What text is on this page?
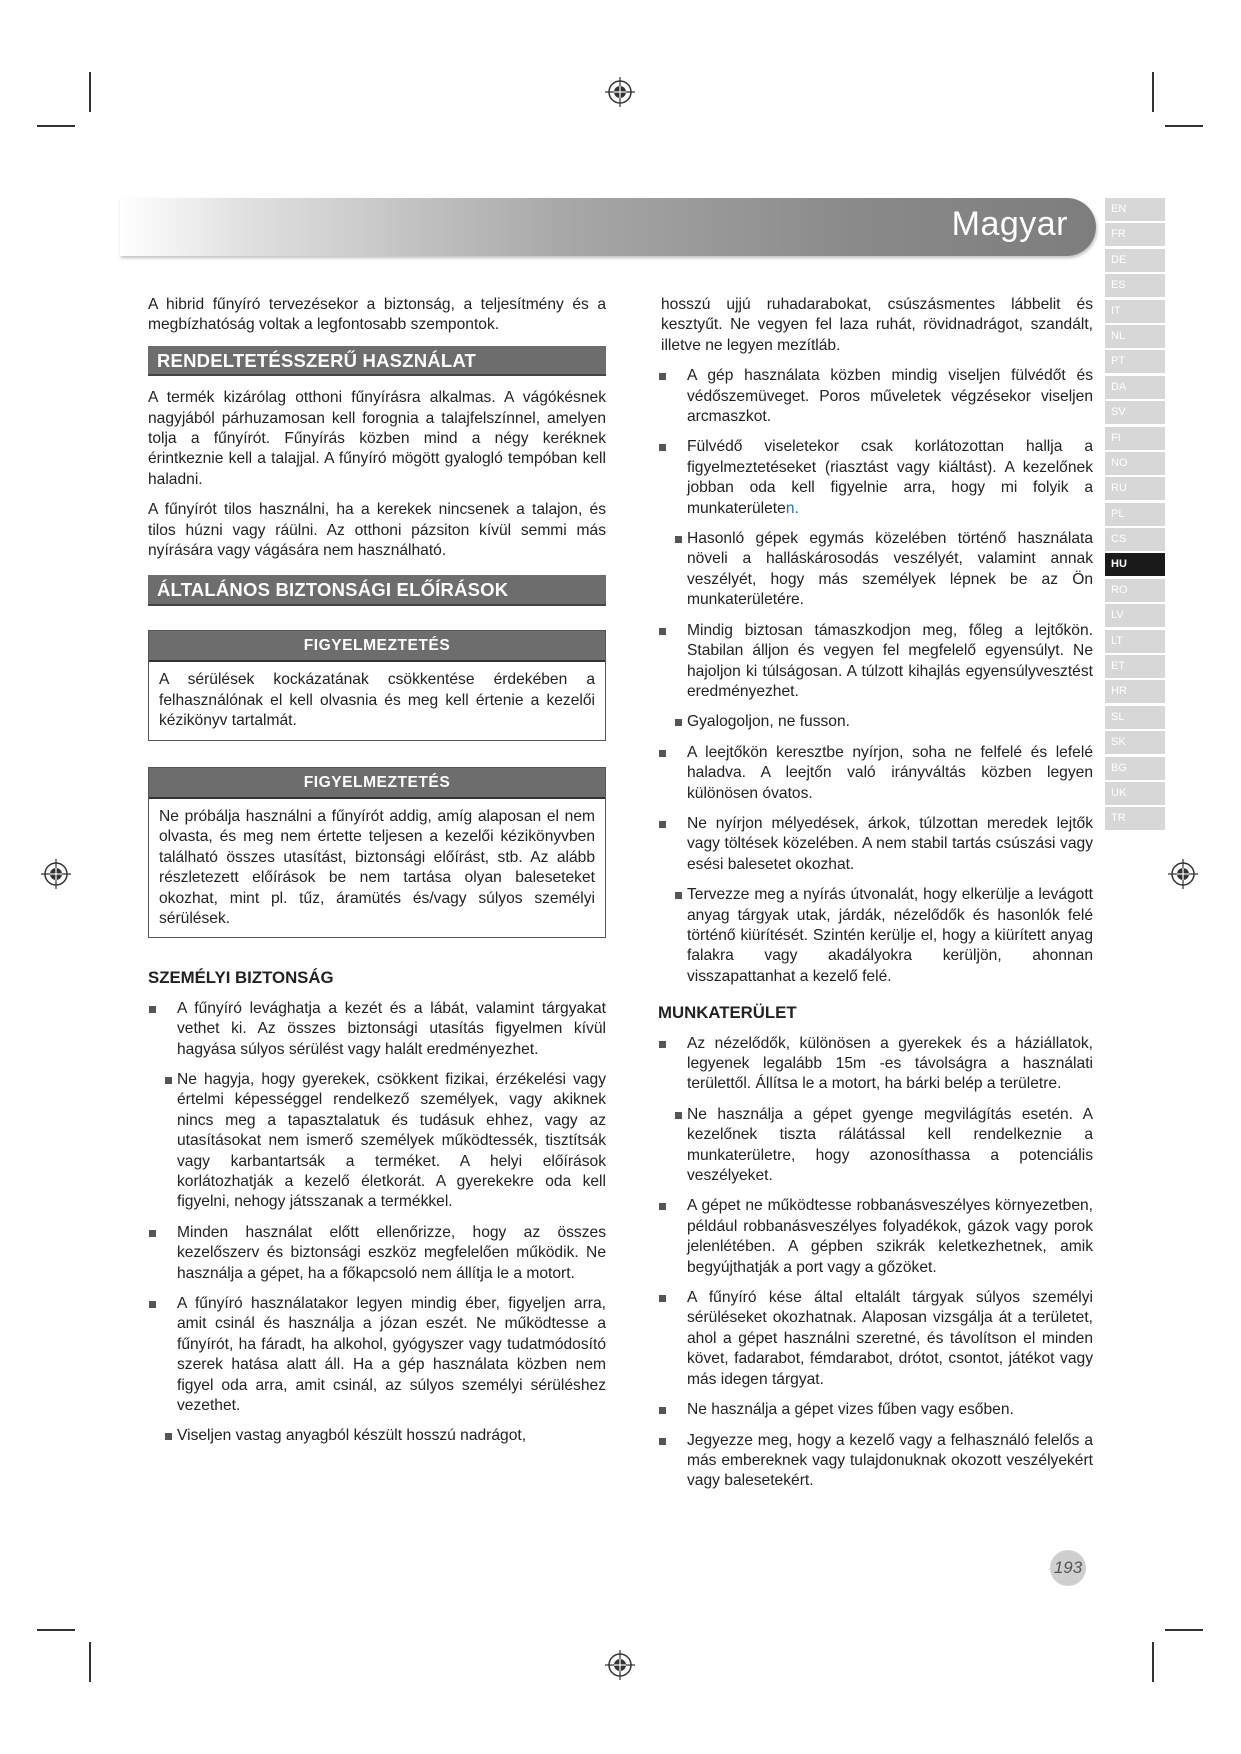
Magyar	EN
FR
DE
ES
IT
NL
PT
DA
SV
FI
NO
RU
PL
CS
HU
RO
LV
LT
ET
HR
SL
SK
BG
UK
TR

A hibrid fűnyíró tervezésekor a biztonság, a teljesítmény és a megbízhatóság voltak a legfontosabb szempontok.

RENDELTETÉSSZERŰ HASZNÁLAT

A termék kizárólag otthoni fűnyírásra alkalmas. A vágókésnek nagyjából párhuzamosan kell forognia a talajfelszínnel, amelyen tolja a fűnyírót. Fűnyírás közben mind a négy keréknek érintkeznie kell a talajjal. A fűnyíró mögött gyalogló tempóban kell haladni.

A fűnyírót tilos használni, ha a kerekek nincsenek a talajon, és tilos húzni vagy ráülni. Az otthoni pázsiton kívül semmi más nyírására vagy vágására nem használható.

ÁLTALÁNOS BIZTONSÁGI ELŐÍRÁSOK
FIGYELMEZTETÉS
A sérülések kockázatának csökkentése érdekében a felhasználónak el kell olvasnia és meg kell értenie a kezelői kézikönyv tartalmát.
FIGYELMEZTETÉS
Ne próbálja használni a fűnyírót addig, amíg alaposan el nem olvasta, és meg nem értette teljesen a kezelői kézikönyvben található összes utasítást, biztonsági előírást, stb. Az alább részletezett előírások be nem tartása olyan baleseteket okozhat, mint pl. tűz, áramütés és/vagy súlyos személyi sérülések.
SZEMÉLYI BIZTONSÁG
A fűnyíró levághatja a kezét és a lábát, valamint tárgyakat vethet ki. Az összes biztonsági utasítás figyelmen kívül hagyása súlyos sérülést vagy halált eredményezhet.
Ne hagyja, hogy gyerekek, csökkent fizikai, érzékelési vagy értelmi képességgel rendelkező személyek, vagy akiknek nincs meg a tapasztalatuk és tudásuk ehhez, vagy az utasításokat nem ismerő személyek működtessék, tisztítsák vagy karbantartsák a terméket. A helyi előírások korlátozhatják a kezelő életkorát. A gyerekekre oda kell figyelni, nehogy játsszanak a termékkel.
Minden használat előtt ellenőrizze, hogy az összes kezelőszerv és biztonsági eszköz megfelelően működik. Ne használja a gépet, ha a főkapcsoló nem állítja le a motort.
A fűnyíró használatakor legyen mindig éber, figyeljen arra, amit csinál és használja a józan eszét. Ne működtesse a fűnyírót, ha fáradt, ha alkohol, gyógyszer vagy tudatmódosító szerek hatása alatt áll. Ha a gép használata közben nem figyel oda arra, amit csinál, az súlyos személyi sérüléshez vezethet.
Viseljen vastag anyagból készült hosszú nadrágot,

hosszú ujjú ruhadarabokat, csúszásmentes lábbelit és kesztyűt. Ne vegyen fel laza ruhát, rövidnadrágot, szandált, illetve ne legyen mezítláb.

A gép használata közben mindig viseljen fülvédőt és védőszemüveget. Poros műveletek végzésekor viseljen arcmaszkot.
Fülvédő viseletekor csak korlátozottan hallja a figyelmeztetéseket (riasztást vagy kiáltást). A kezelőnek jobban oda kell figyelnie arra, hogy mi folyik a munkaterületen.
Hasonló gépek egymás közelében történő használata növeli a halláskárosodás veszélyét, valamint annak veszélyét, hogy más személyek lépnek be az Ön munkaterületére.
Mindig biztosan támaszkodjon meg, főleg a lejtőkön. Stabilan álljon és vegyen fel megfelelő egyensúlyt. Ne hajoljon ki túlságosan. A túlzott kihajlás egyensúlyvesztést eredményezhet.
Gyalogoljon, ne fusson.
A leejtőkön keresztbe nyírjon, soha ne felfelé és lefelé haladva. A leejtőn való irányváltás közben legyen különösen óvatos.
Ne nyírjon mélyedések, árkok, túlzottan meredek lejtők vagy töltések közelében. A nem stabil tartás csúszási vagy esési balesetet okozhat.
Tervezze meg a nyírás útvonalát, hogy elkerülje a levágott anyag tárgyak utak, járdák, nézelődők és hasonlók felé történő kiürítését. Szintén kerülje el, hogy a kiürített anyag falakra vagy akadályokra kerüljön, ahonnan visszapattanhat a kezelő felé.
MUNKATERÜLET
Az nézelődők, különösen a gyerekek és a háziállatok, legyenek legalább 15m -es távolságra a használati területtől. Állítsa le a motort, ha bárki belép a területre.
Ne használja a gépet gyenge megvilágítás esetén. A kezelőnek tiszta rálátással kell rendelkeznie a munkaterületre, hogy azonosíthassa a potenciális veszélyeket.
A gépet ne működtesse robbanásveszélyes környezetben, például robbanásveszélyes folyadékok, gázok vagy porok jelenlétében. A gépben szikrák keletkezhetnek, amik begyújthatják a port vagy a gőzöket.
A fűnyíró kése által eltalált tárgyak súlyos személyi sérüléseket okozhatnak. Alaposan vizsgálja át a területet, ahol a gépet használni szeretné, és távolítson el minden követ, fadarabot, fémdarabot, drótot, csontot, játékot vagy más idegen tárgyat.
Ne használja a gépet vizes fűben vagy esőben.
Jegyezze meg, hogy a kezelő vagy a felhasználó felelős a más embereknek vagy tulajdonuknak okozott veszélyekért vagy balesetekért.
193
